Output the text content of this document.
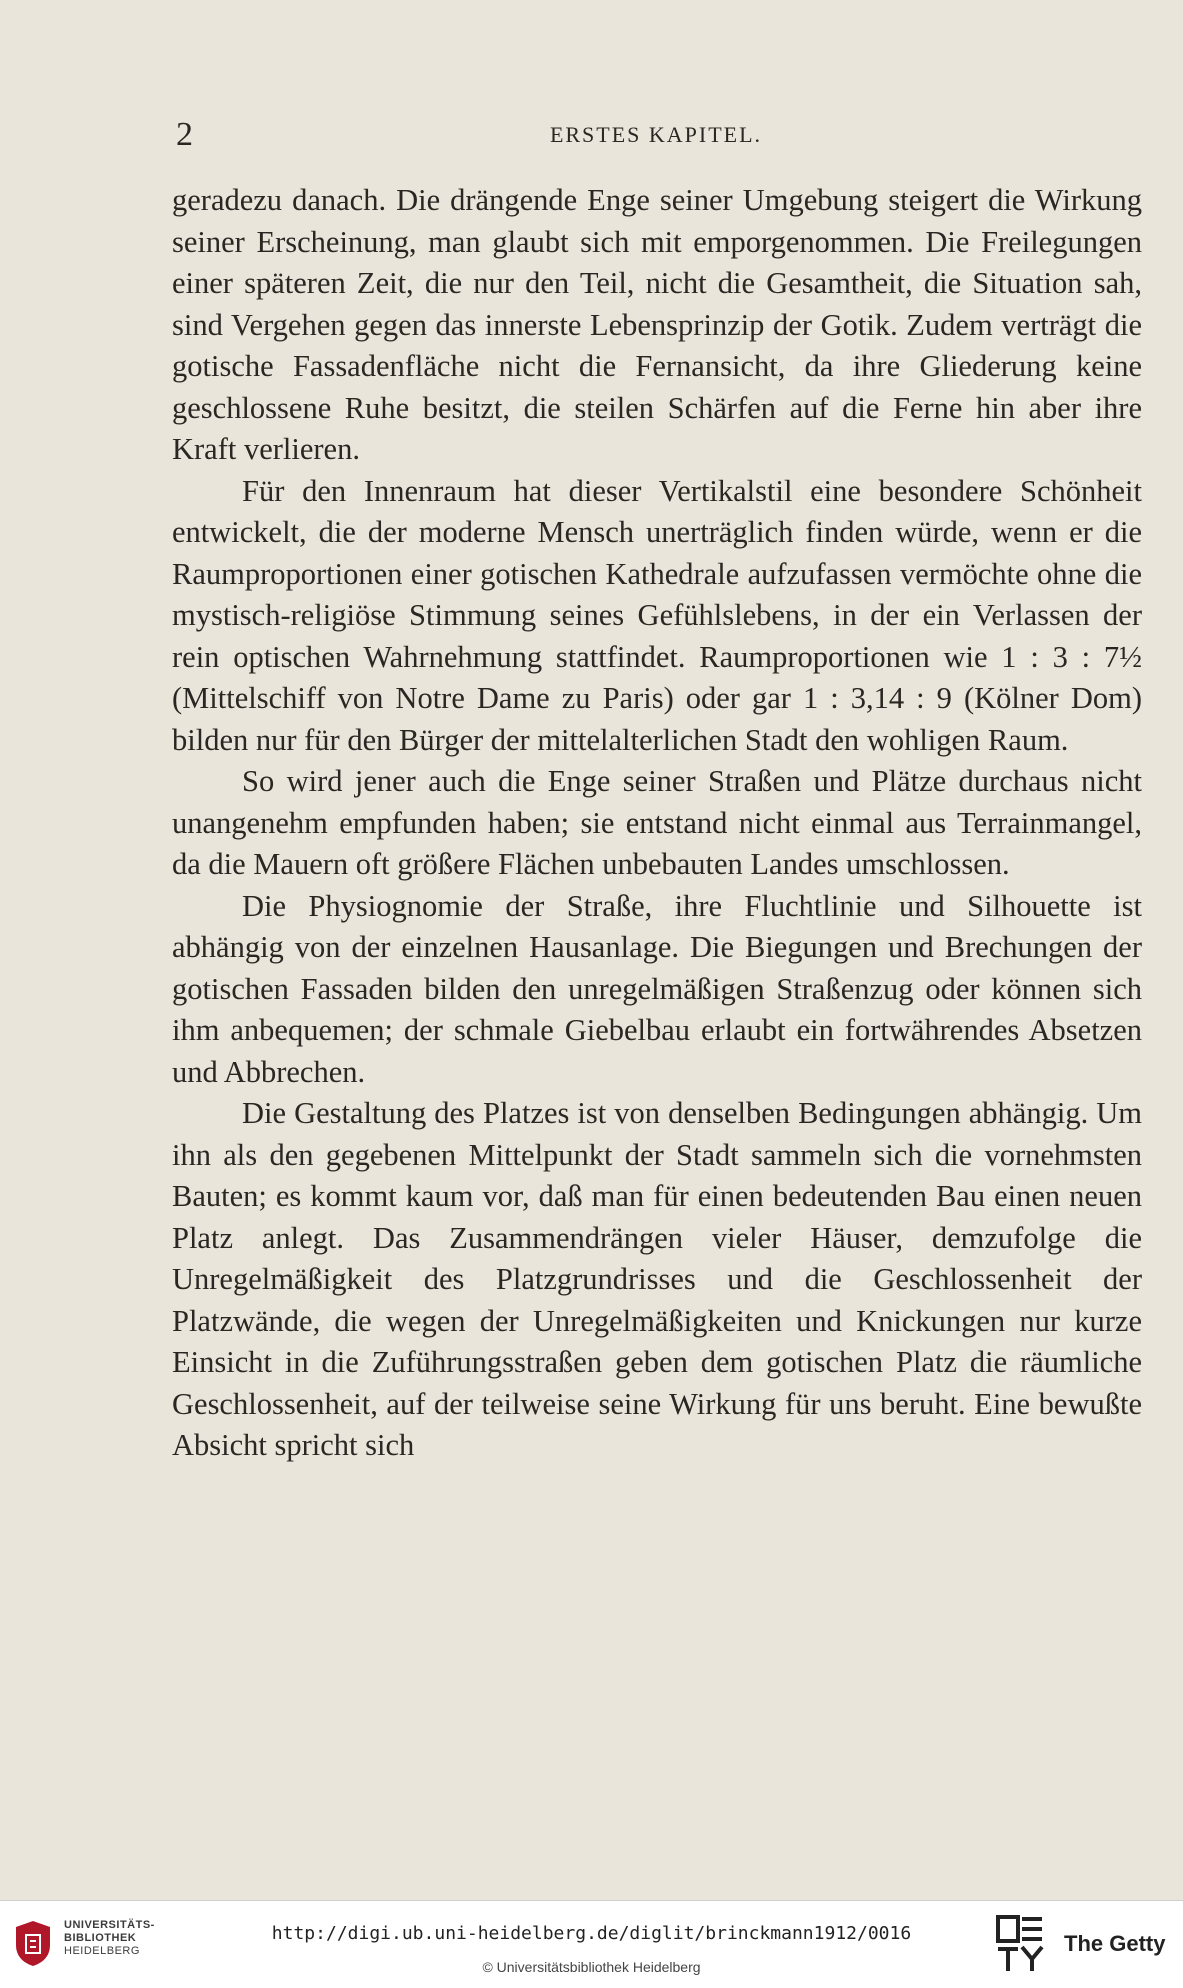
2	ERSTES KAPITEL.

geradezu danach. Die drängende Enge seiner Umgebung steigert die Wirkung seiner Erscheinung, man glaubt sich mit emporgenommen. Die Freilegungen einer späteren Zeit, die nur den Teil, nicht die Gesamtheit, die Situation sah, sind Vergehen gegen das innerste Lebensprinzip der Gotik. Zudem verträgt die gotische Fassadenfläche nicht die Fernansicht, da ihre Gliederung keine geschlossene Ruhe besitzt, die steilen Schärfen auf die Ferne hin aber ihre Kraft verlieren.

Für den Innenraum hat dieser Vertikalstil eine besondere Schönheit entwickelt, die der moderne Mensch unerträglich finden würde, wenn er die Raumproportionen einer gotischen Kathedrale aufzufassen vermöchte ohne die mystisch-religiöse Stimmung seines Gefühlslebens, in der ein Verlassen der rein optischen Wahrnehmung stattfindet. Raumproportionen wie 1 : 3 : 7½ (Mittelschiff von Notre Dame zu Paris) oder gar 1 : 3,14 : 9 (Kölner Dom) bilden nur für den Bürger der mittelalterlichen Stadt den wohligen Raum.

So wird jener auch die Enge seiner Straßen und Plätze durchaus nicht unangenehm empfunden haben; sie entstand nicht einmal aus Terrainmangel, da die Mauern oft größere Flächen unbebauten Landes umschlossen.

Die Physiognomie der Straße, ihre Fluchtlinie und Silhouette ist abhängig von der einzelnen Hausanlage. Die Biegungen und Brechungen der gotischen Fassaden bilden den unregelmäßigen Straßenzug oder können sich ihm anbequemen; der schmale Giebelbau erlaubt ein fortwährendes Absetzen und Abbrechen.

Die Gestaltung des Platzes ist von denselben Bedingungen abhängig. Um ihn als den gegebenen Mittelpunkt der Stadt sammeln sich die vornehmsten Bauten; es kommt kaum vor, daß man für einen bedeutenden Bau einen neuen Platz anlegt. Das Zusammendrängen vieler Häuser, demzufolge die Unregelmäßigkeit des Platzgrundrisses und die Geschlossenheit der Platzwände, die wegen der Unregelmäßigkeiten und Knickungen nur kurze Einsicht in die Zuführungsstraßen geben dem gotischen Platz die räumliche Geschlossenheit, auf der teilweise seine Wirkung für uns beruht. Eine bewußte Absicht spricht sich

UNIVERSITÄTS-
BIBLIOTHEK
HEIDELBERG
http://digi.ub.uni-heidelberg.de/diglit/brinckmann1912/0016
© Universitätsbibliothek Heidelberg
The Getty
